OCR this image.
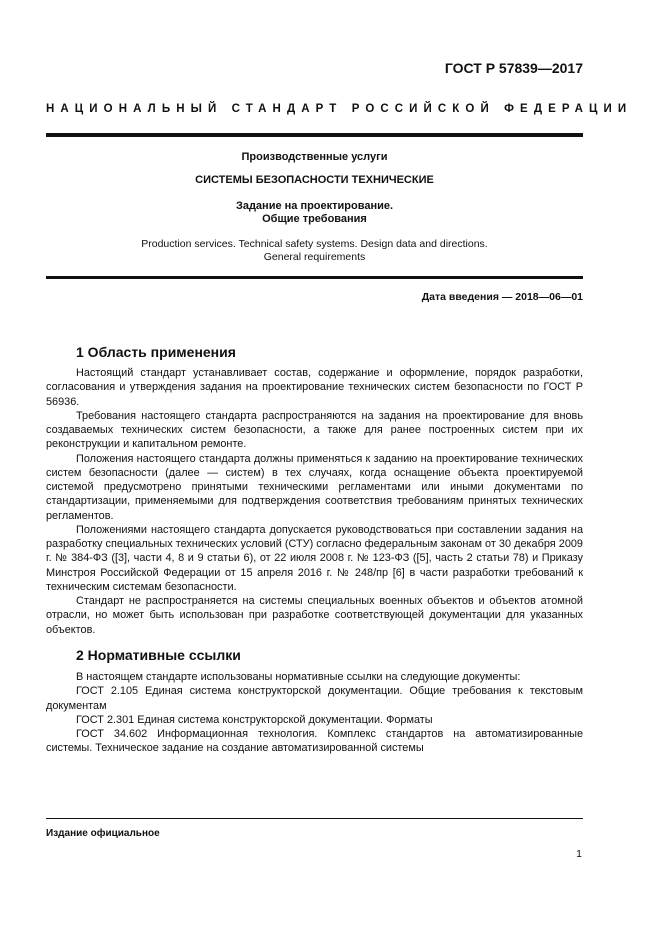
ГОСТ Р 57839—2017
НАЦИОНАЛЬНЫЙ СТАНДАРТ РОССИЙСКОЙ ФЕДЕРАЦИИ
Производственные услуги
СИСТЕМЫ БЕЗОПАСНОСТИ ТЕХНИЧЕСКИЕ
Задание на проектирование.
Общие требования
Production services. Technical safety systems. Design data and directions.
General requirements
Дата введения — 2018—06—01
1 Область применения

Настоящий стандарт устанавливает состав, содержание и оформление, порядок разработки, согласования и утверждения задания на проектирование технических систем безопасности по ГОСТ Р 56936.

Требования настоящего стандарта распространяются на задания на проектирование для вновь создаваемых технических систем безопасности, а также для ранее построенных систем при их реконструкции и капитальном ремонте.

Положения настоящего стандарта должны применяться к заданию на проектирование технических систем безопасности (далее — систем) в тех случаях, когда оснащение объекта проектируемой системой предусмотрено принятыми техническими регламентами или иными документами по стандартизации, применяемыми для подтверждения соответствия требованиям принятых технических регламентов.

Положениями настоящего стандарта допускается руководствоваться при составлении задания на разработку специальных технических условий (СТУ) согласно федеральным законам от 30 декабря 2009 г. № 384-ФЗ ([3], части 4, 8 и 9 статьи 6), от 22 июля 2008 г. № 123-ФЗ ([5], часть 2 статьи 78) и Приказу Минстроя Российской Федерации от 15 апреля 2016 г. № 248/пр [6] в части разработки требований к техническим системам безопасности.

Стандарт не распространяется на системы специальных военных объектов и объектов атомной отрасли, но может быть использован при разработке соответствующей документации для указанных объектов.

2 Нормативные ссылки

В настоящем стандарте использованы нормативные ссылки на следующие документы:

ГОСТ 2.105 Единая система конструкторской документации. Общие требования к текстовым документам

ГОСТ 2.301 Единая система конструкторской документации. Форматы

ГОСТ 34.602 Информационная технология. Комплекс стандартов на автоматизированные системы. Техническое задание на создание автоматизированной системы

Издание официальное
1
